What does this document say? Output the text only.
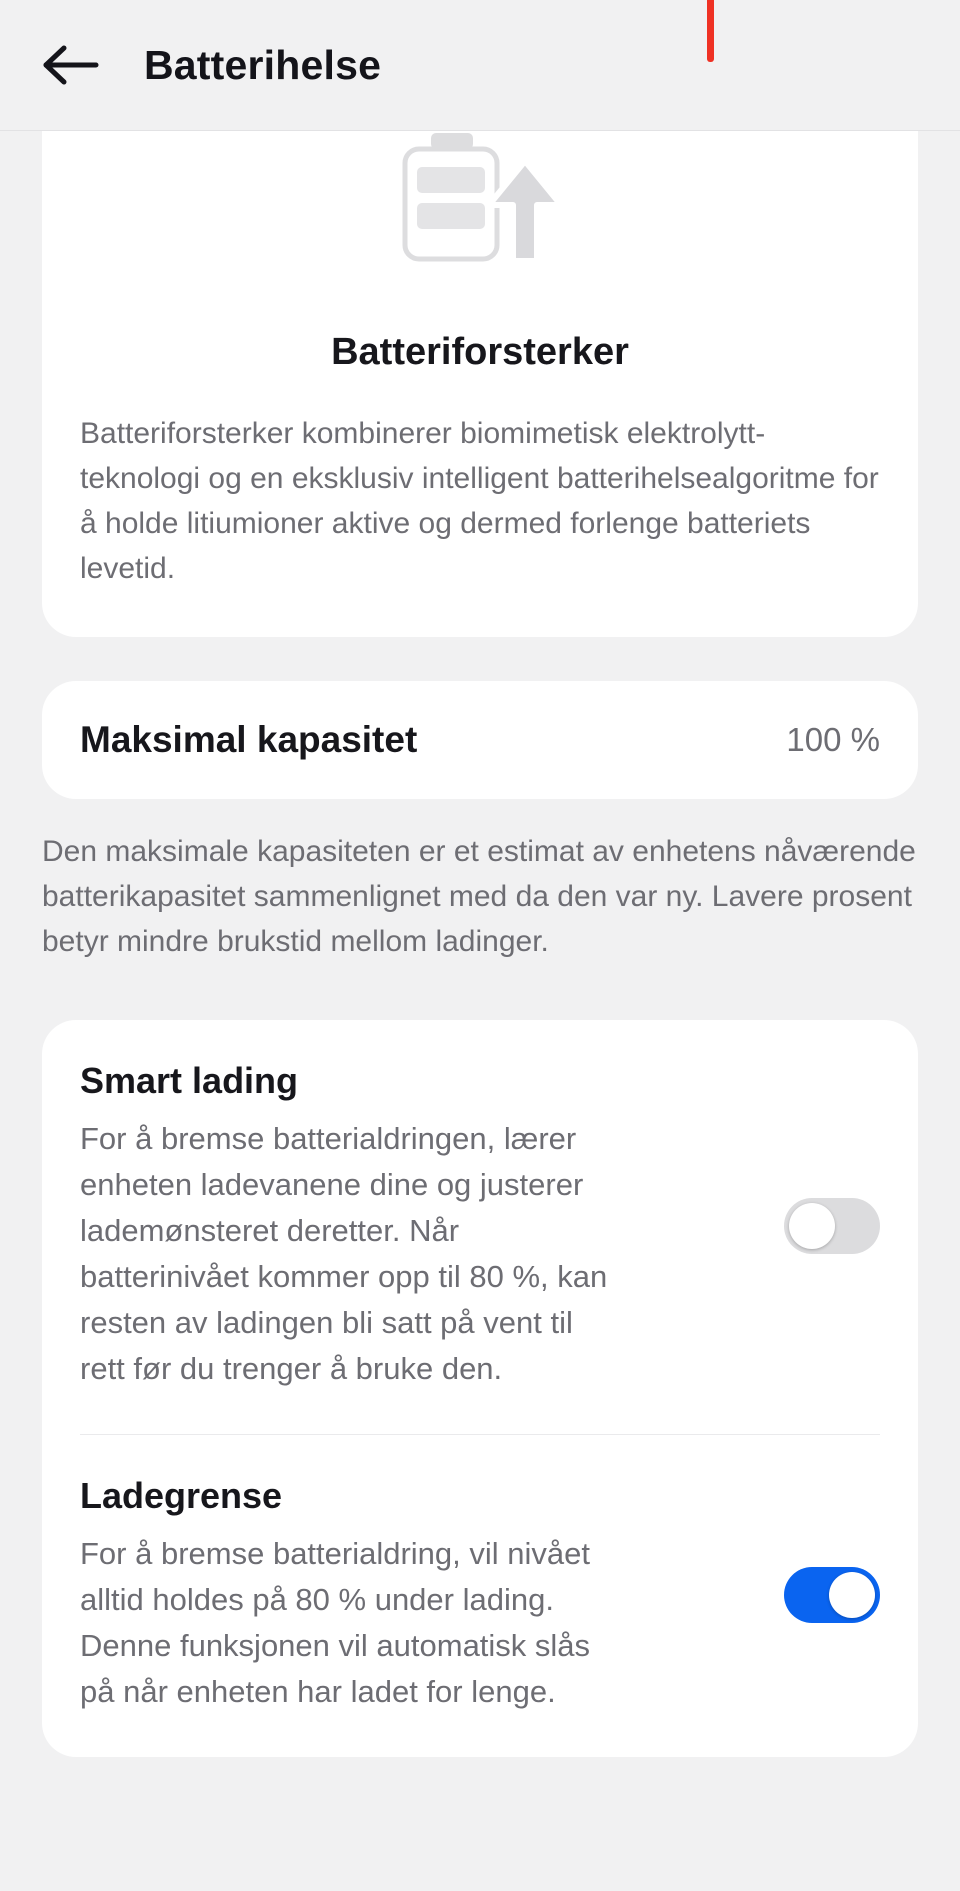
Batterihelse
Batteriforsterker
Batteriforsterker kombinerer biomimetisk elektrolytt-teknologi og en eksklusiv intelligent batterihelsealgoritme for å holde litiumioner aktive og dermed forlenge batteriets levetid.
Maksimal kapasitet	100 %
Den maksimale kapasiteten er et estimat av enhetens nåværende batterikapasitet sammenlignet med da den var ny. Lavere prosent betyr mindre brukstid mellom ladinger.
Smart lading
For å bremse batterialdringen, lærer enheten ladevanene dine og justerer lademønsteret deretter. Når batterinivået kommer opp til 80 %, kan resten av ladingen bli satt på vent til rett før du trenger å bruke den.
Ladegrense
For å bremse batterialdring, vil nivået alltid holdes på 80 % under lading. Denne funksjonen vil automatisk slås på når enheten har ladet for lenge.
